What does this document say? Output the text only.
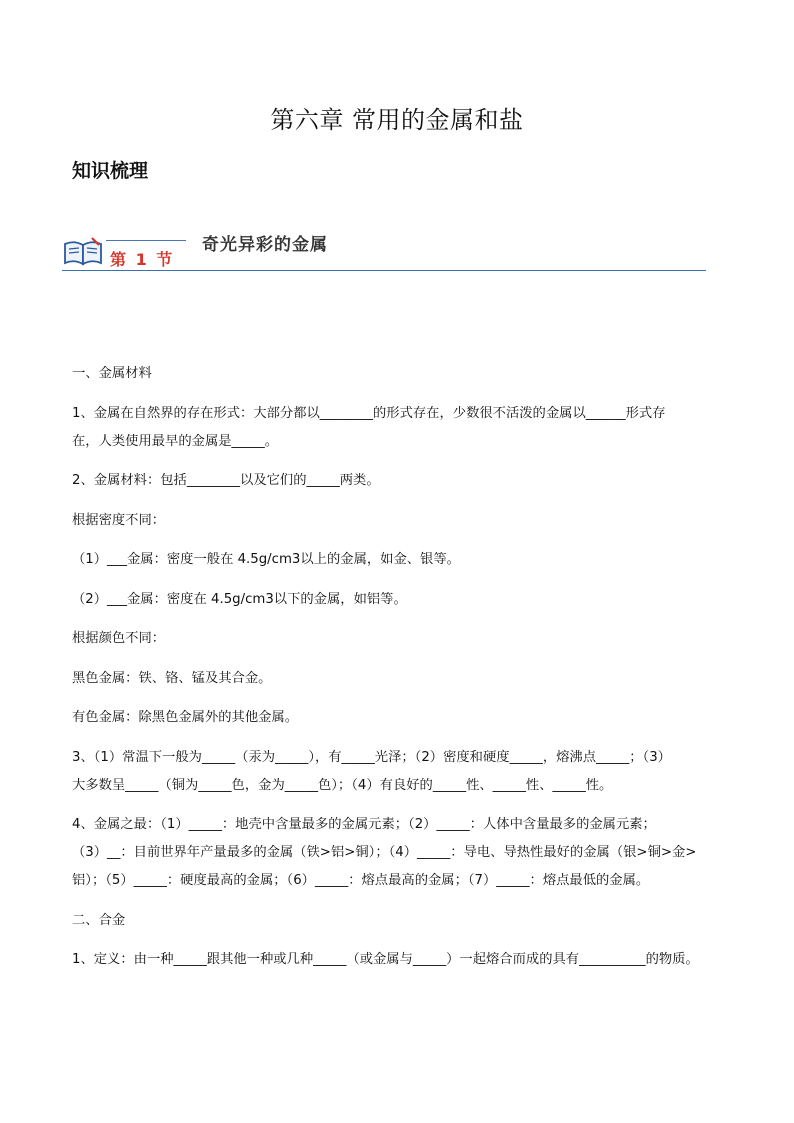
第六章 常用的金属和盐
知识梳理
第 1 节
奇光异彩的金属
一、金属材料
1、金属在自然界的存在形式：大部分都以________的形式存在，少数很不活泼的金属以______形式存
在，人类使用最早的金属是_____。
2、金属材料：包括________以及它们的_____两类。
根据密度不同：
（1）___金属：密度一般在 4.5g/cm3以上的金属，如金、银等。
（2）___金属：密度在 4.5g/cm3以下的金属，如铝等。
根据颜色不同：
黑色金属：铁、铬、锰及其合金。
有色金属：除黑色金属外的其他金属。
3、（1）常温下一般为_____（汞为_____），有_____光泽；（2）密度和硬度_____，熔沸点_____；（3）
大多数呈_____（铜为_____色，金为_____色）；（4）有良好的_____性、_____性、_____性。
4、金属之最：（1）_____：地壳中含量最多的金属元素；（2）_____：人体中含量最多的金属元素；
（3）__：目前世界年产量最多的金属（铁>铝>铜）；（4）_____：导电、导热性最好的金属（银>铜>金>
铝）；（5）_____：硬度最高的金属；（6）_____：熔点最高的金属；（7）_____：熔点最低的金属。
二、合金
1、定义：由一种_____跟其他一种或几种_____（或金属与_____）一起熔合而成的具有__________的物质。
